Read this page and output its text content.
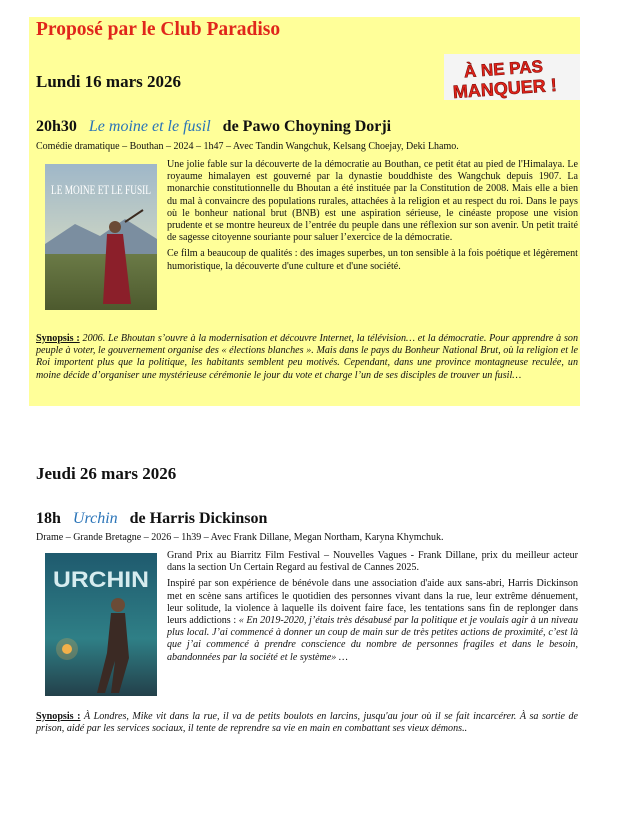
Proposé par le Club Paradiso
À NE PAS
MANQUER !
Lundi 16 mars 2026
20h30 Le moine et le fusil de Pawo Choyning Dorji
Comédie dramatique – Bouthan – 2024 – 1h47 – Avec Tandin Wangchuk, Kelsang Choejay, Deki Lhamo.
LE MOINE ET LE FUSIL

Une jolie fable sur la découverte de la démocratie au Bouthan, ce petit état au pied de l'Himalaya. Le royaume himalayen est gouverné par la dynastie bouddhiste des Wangchuk depuis 1907. La monarchie constitutionnelle du Bhoutan a été instituée par la Constitution de 2008. Mais elle a bien du mal à convaincre des populations rurales, attachées à la religion et au respect du roi. Dans le pays où le bonheur national brut (BNB) est une aspiration sérieuse, le cinéaste propose une vision prudente et se montre heureux de l’entrée du peuple dans une réflexion sur son avenir. Un petit traité de sagesse citoyenne souriante pour saluer l’exercice de la démocratie.

Ce film a beaucoup de qualités : des images superbes, un ton sensible à la fois poétique et légèrement humoristique, la découverte d'une culture et d'une société.

Synopsis : 2006. Le Bhoutan s’ouvre à la modernisation et découvre Internet, la télévision… et la démocratie. Pour apprendre à son peuple à voter, le gouvernement organise des « élections blanches ». Mais dans le pays du Bonheur National Brut, où la religion et le Roi importent plus que la politique, les habitants semblent peu motivés. Cependant, dans une province montagneuse reculée, un moine décide d’organiser une mystérieuse cérémonie le jour du vote et charge l’un de ses disciples de trouver un fusil…
Jeudi 26 mars 2026
18h Urchin de Harris Dickinson
Drame – Grande Bretagne – 2026 – 1h39 – Avec Frank Dillane, Megan Northam, Karyna Khymchuk.
URCHIN

Grand Prix au Biarritz Film Festival – Nouvelles Vagues - Frank Dillane, prix du meilleur acteur dans la section Un Certain Regard au festival de Cannes 2025.

Inspiré par son expérience de bénévole dans une association d'aide aux sans-abri, Harris Dickinson met en scène sans artifices le quotidien des personnes vivant dans la rue, leur extrême dénuement, leur solitude, la violence à laquelle ils doivent faire face, les tentations sans fin de replonger dans leurs addictions : « En 2019-2020, j’étais très désabusé par la politique et je voulais agir à un niveau plus local. J’ai commencé à donner un coup de main sur de très petites actions de proximité, c’est là que j’ai commencé à prendre conscience du nombre de personnes fragiles et dans le besoin, abandonnées par la société et le système» …

Synopsis : À Londres, Mike vit dans la rue, il va de petits boulots en larcins, jusqu'au jour où il se fait incarcérer. À sa sortie de prison, aidé par les services sociaux, il tente de reprendre sa vie en main en combattant ses vieux démons..
